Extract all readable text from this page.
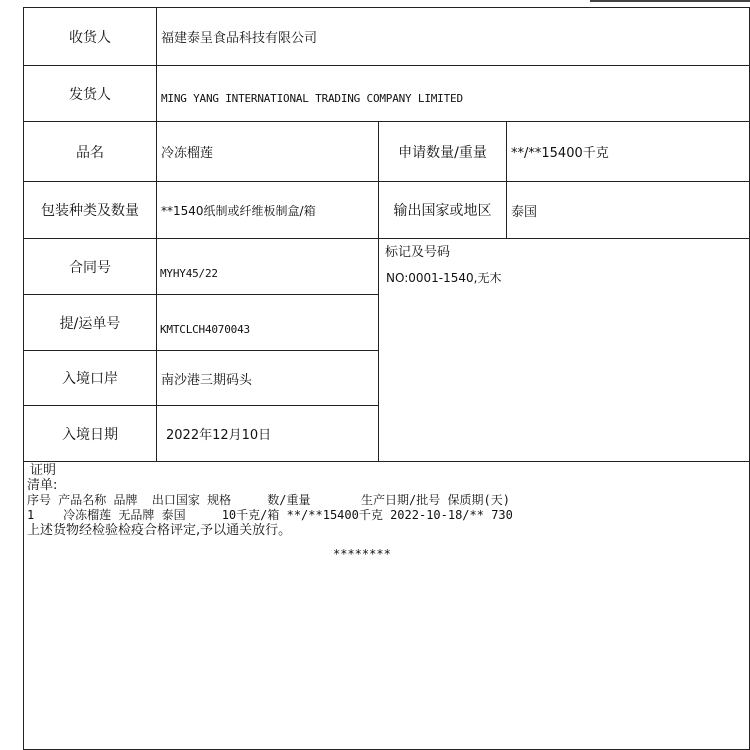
收货人	福建泰呈食品科技有限公司
发货人	MING YANG INTERNATIONAL TRADING COMPANY LIMITED
品名	冷冻榴莲	申请数量/重量	**/**15400千克
包装种类及数量	**1540纸制或纤维板制盒/箱	输出国家或地区	泰国
合同号	MYHY45/22
提/运单号	KMTCLCH4070043
入境口岸	南沙港三期码头
入境日期	2022年12月10日
标记及号码
NO:0001-1540,无木
证明
清单:
序号 产品名称 品牌  出口国家 规格     数/重量       生产日期/批号 保质期(天)
1    冷冻榴莲 无品牌 泰国     10千克/箱 **/**15400千克 2022-10-18/** 730
上述货物经检验检疫合格评定,予以通关放行。
********
